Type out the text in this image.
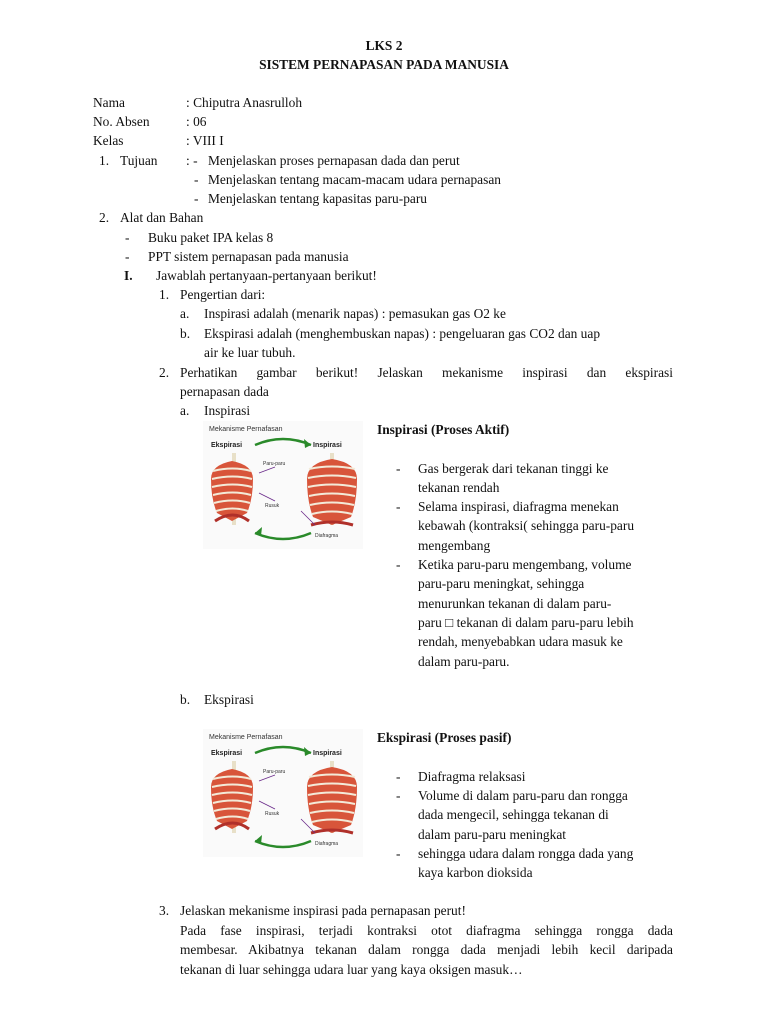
LKS 2
SISTEM PERNAPASAN PADA MANUSIA
Nama	: Chiputra Anasrulloh
No. Absen	: 06
Kelas	: VIII I
1. Tujuan : - Menjelaskan proses pernapasan dada dan perut
- Menjelaskan tentang macam-macam udara pernapasan
- Menjelaskan tentang kapasitas paru-paru
2. Alat dan Bahan
- Buku paket IPA kelas 8
- PPT sistem pernapasan pada manusia
I. Jawablah pertanyaan-pertanyaan berikut!
1. Pengertian dari:
a. Inspirasi adalah (menarik napas) : pemasukan gas O2 ke
b. Ekspirasi adalah (menghembuskan napas) : pengeluaran gas CO2 dan uap
air ke luar tubuh.
2. Perhatikan gambar berikut! Jelaskan mekanisme inspirasi dan ekspirasi
pernapasan dada
a. Inspirasi
Mekanisme Pernafasan
Ekspirasi	Inspirasi
Paru-paru
Rusuk
Diafragma
Inspirasi (Proses Aktif)
- Gas bergerak dari tekanan tinggi ke
tekanan rendah
- Selama inspirasi, diafragma menekan
kebawah (kontraksi( sehingga paru-paru
mengembang
- Ketika paru-paru mengembang, volume
paru-paru meningkat, sehingga
menurunkan tekanan di dalam paru-
paru □ tekanan di dalam paru-paru lebih
rendah, menyebabkan udara masuk ke
dalam paru-paru.
b. Ekspirasi
Mekanisme Pernafasan
Ekspirasi	Inspirasi
Paru-paru
Rusuk
Diafragma
Ekspirasi (Proses pasif)
- Diafragma relaksasi
- Volume di dalam paru-paru dan rongga
dada mengecil, sehingga tekanan di
dalam paru-paru meningkat
- sehingga udara dalam rongga dada yang
kaya karbon dioksida
3. Jelaskan mekanisme inspirasi pada pernapasan perut!
Pada fase inspirasi, terjadi kontraksi otot diafragma sehingga rongga dada
membesar. Akibatnya tekanan dalam rongga dada menjadi lebih kecil daripada
tekanan di luar sehingga udara luar yang kaya oksigen masuk…
